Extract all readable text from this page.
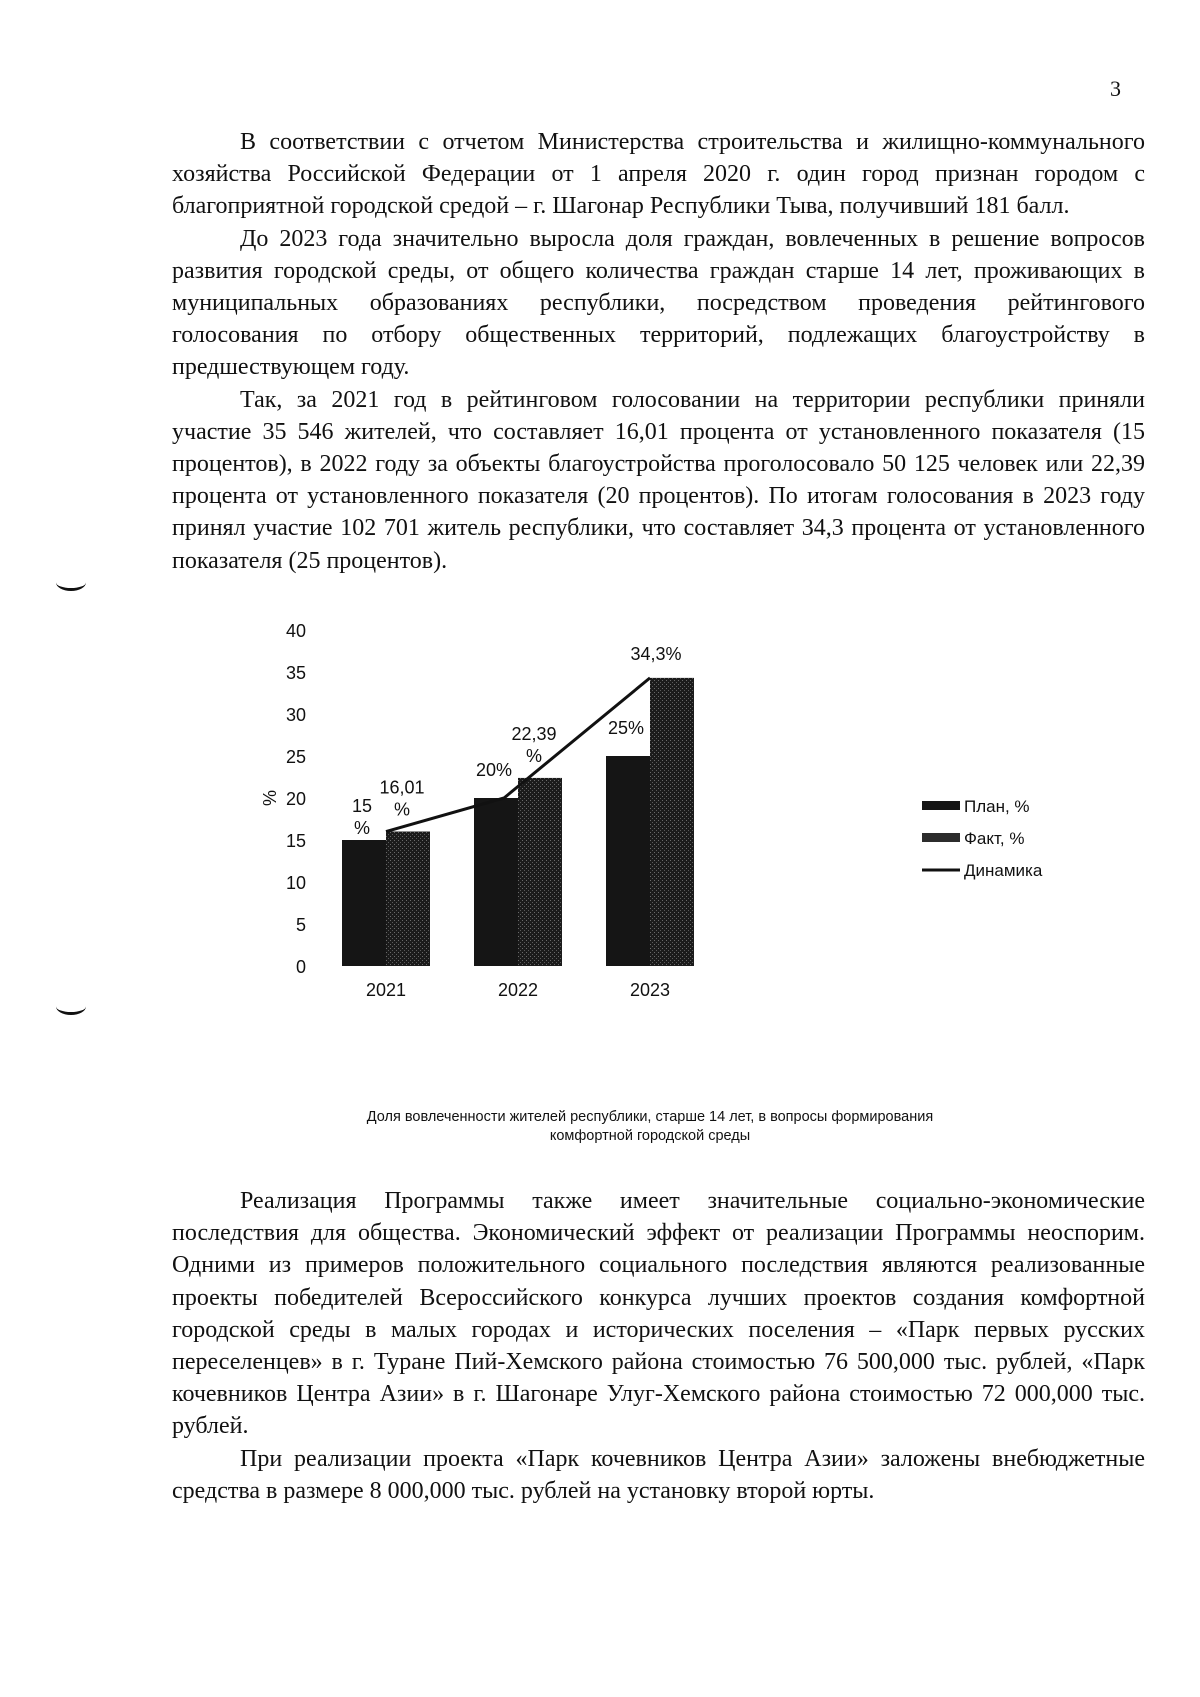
3

В соответствии с отчетом Министерства строительства и жилищно-коммунального хозяйства Российской Федерации от 1 апреля 2020 г. один город признан городом с благоприятной городской средой – г. Шагонар Республики Тыва, получивший 181 балл.

До 2023 года значительно выросла доля граждан, вовлеченных в решение вопросов развития городской среды, от общего количества граждан старше 14 лет, проживающих в муниципальных образованиях республики, посредством проведения рейтингового голосования по отбору общественных территорий, подлежащих благоустройству в предшествующем году.

Так, за 2021 год в рейтинговом голосовании на территории республики приняли участие 35 546 жителей, что составляет 16,01 процента от установленного показателя (15 процентов), в 2022 году за объекты благоустройства проголосовало 50 125 человек или 22,39 процента от установленного показателя (20 процентов). По итогам голосования в 2023 году принял участие 102 701 житель республики, что составляет 34,3 процента от установленного показателя (25 процентов).

0
5
10
15
20
25
30
35
40
%
2021	2022	2023
15 %
20%
25%
16,01 %
22,39 %
34,3%
План, %
Факт, %
Динамика
Доля вовлеченности жителей республики, старше 14 лет, в вопросы формирования
комфортной городской среды

Реализация Программы также имеет значительные социально-экономические последствия для общества. Экономический эффект от реализации Программы неоспорим. Одними из примеров положительного социального последствия являются реализованные проекты победителей Всероссийского конкурса лучших проектов создания комфортной городской среды в малых городах и исторических поселения – «Парк первых русских переселенцев» в г. Туране Пий-Хемского района стоимостью 76 500,000 тыс. рублей, «Парк кочевников Центра Азии» в г. Шагонаре Улуг-Хемского района стоимостью 72 000,000 тыс. рублей.

При реализации проекта «Парк кочевников Центра Азии» заложены внебюджетные средства в размере 8 000,000 тыс. рублей на установку второй юрты.
